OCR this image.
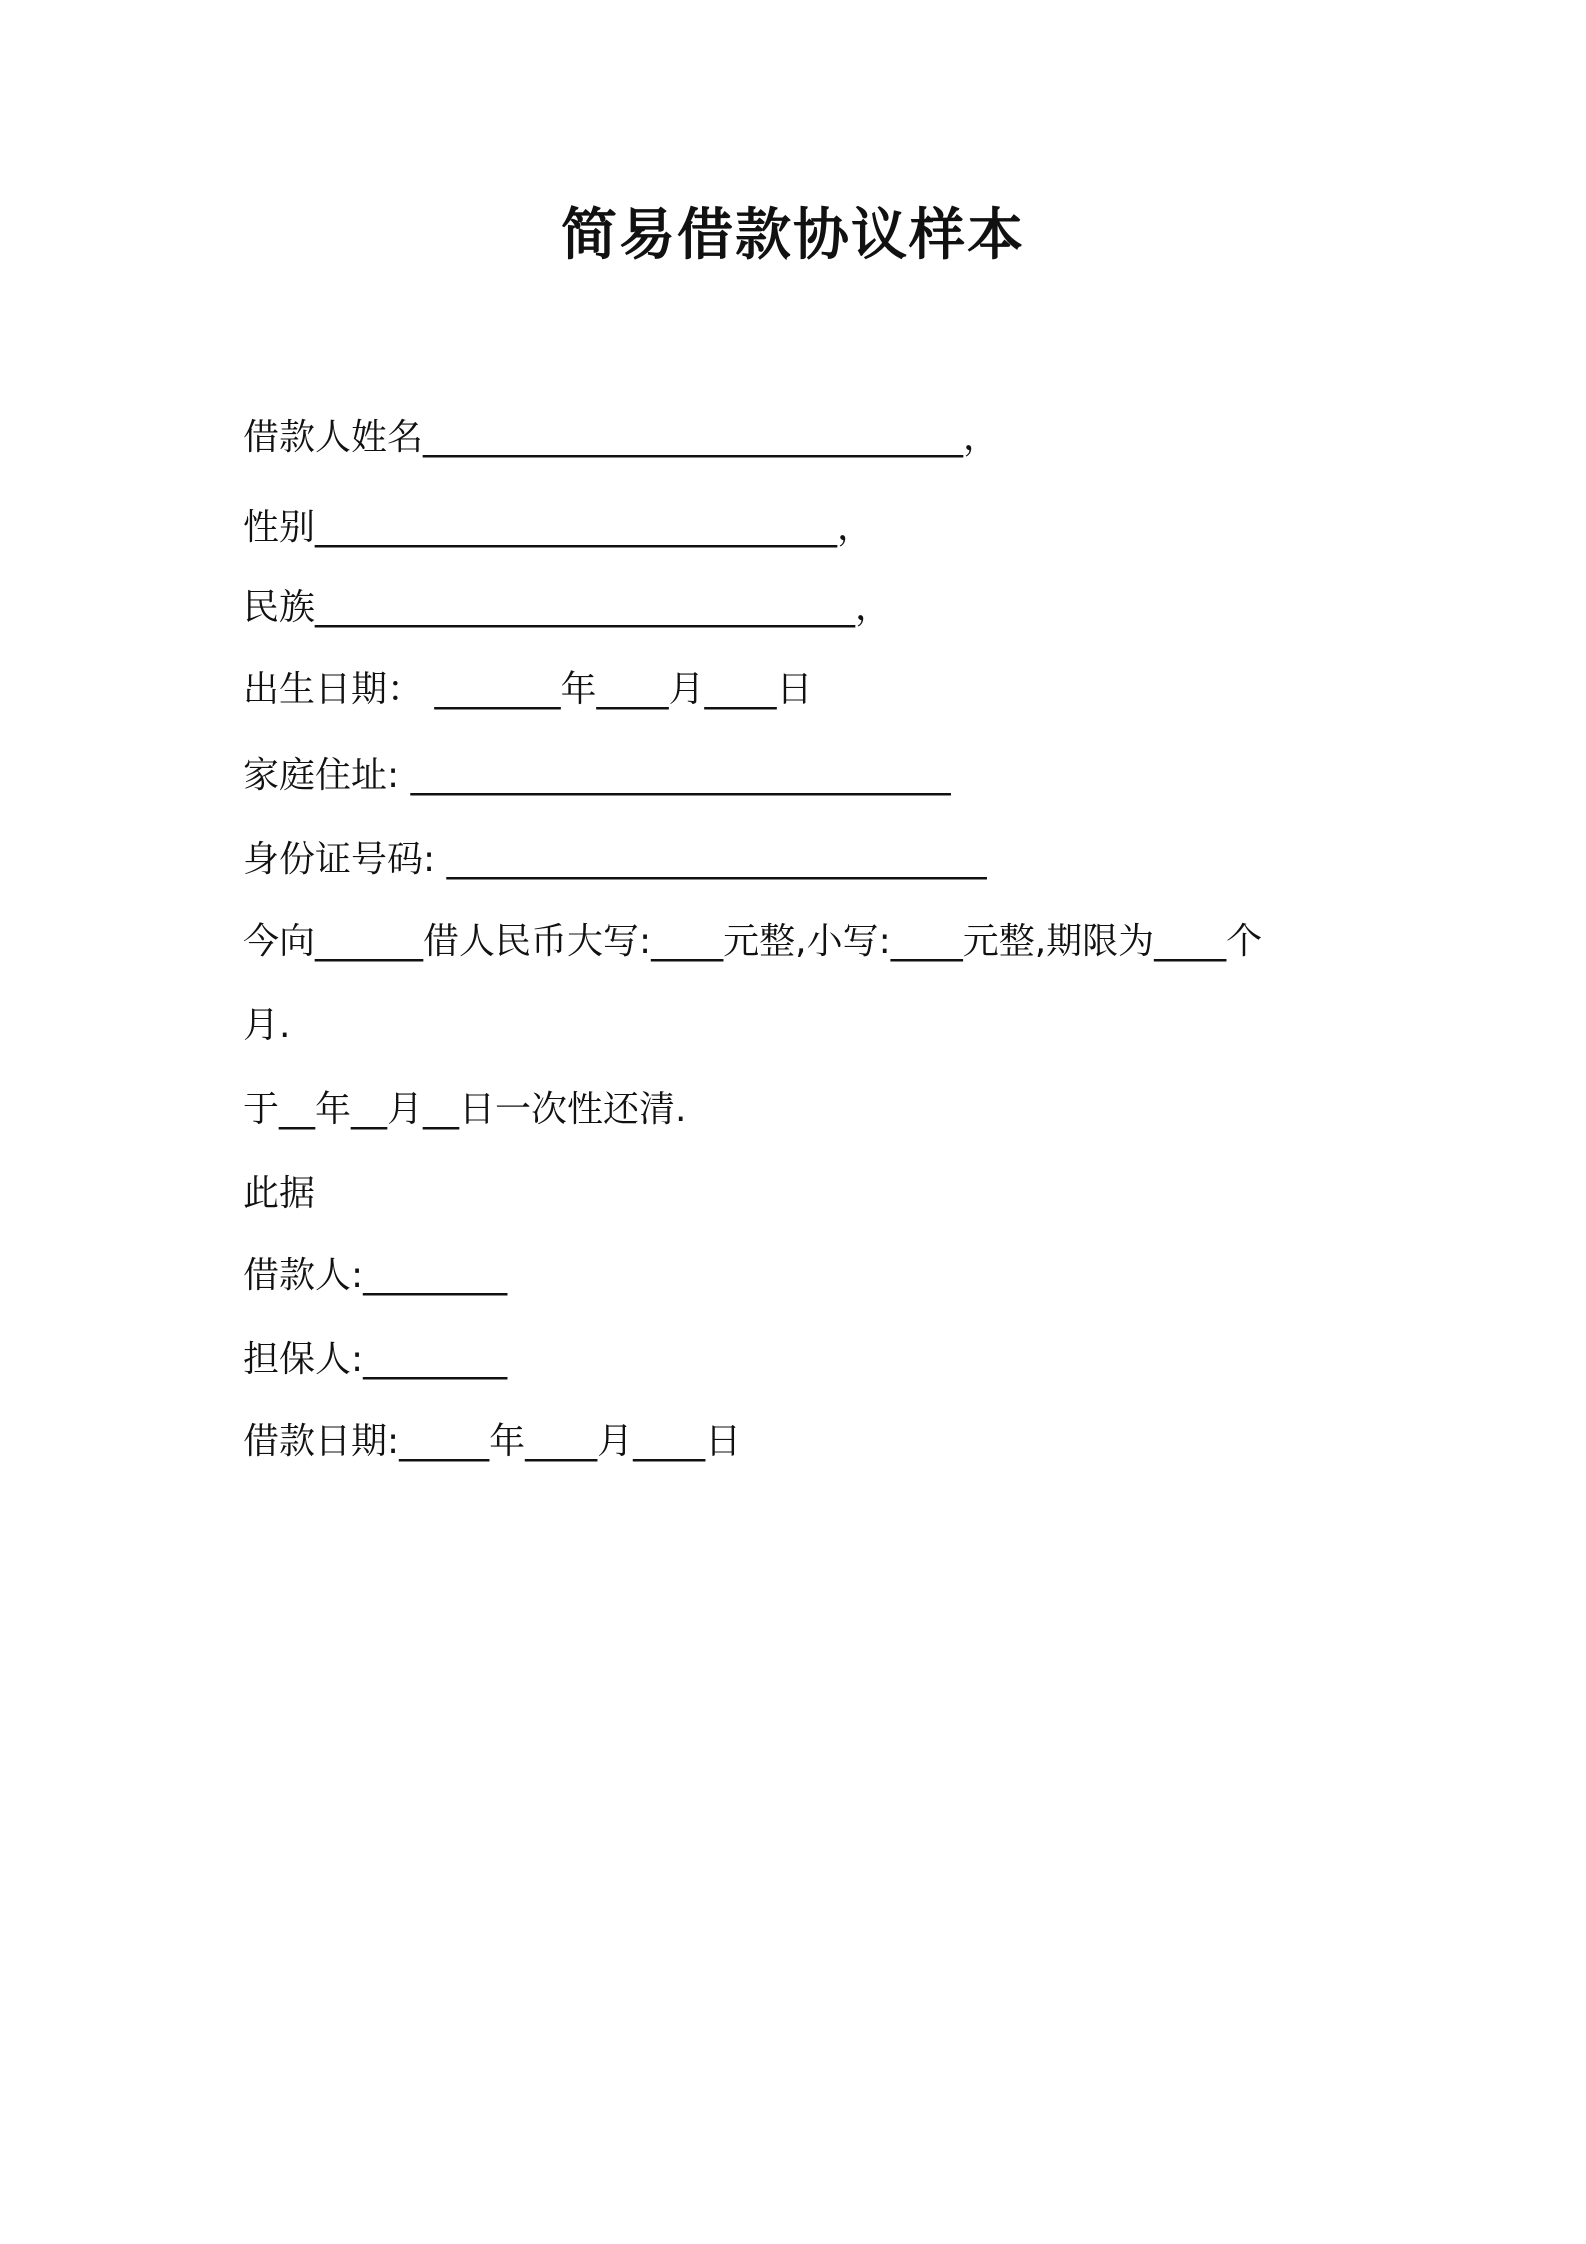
简易借款协议样本
借款人姓名______________________________，
性别_____________________________，
民族______________________________，
出生日期： _______年____月____日
家庭住址: ______________________________
身份证号码: ______________________________
今向______借人民币大写:____元整,小写:____元整,期限为____个
月.
于__年__月__日一次性还清.
此据
借款人:________
担保人:________
借款日期:_____年____月____日
